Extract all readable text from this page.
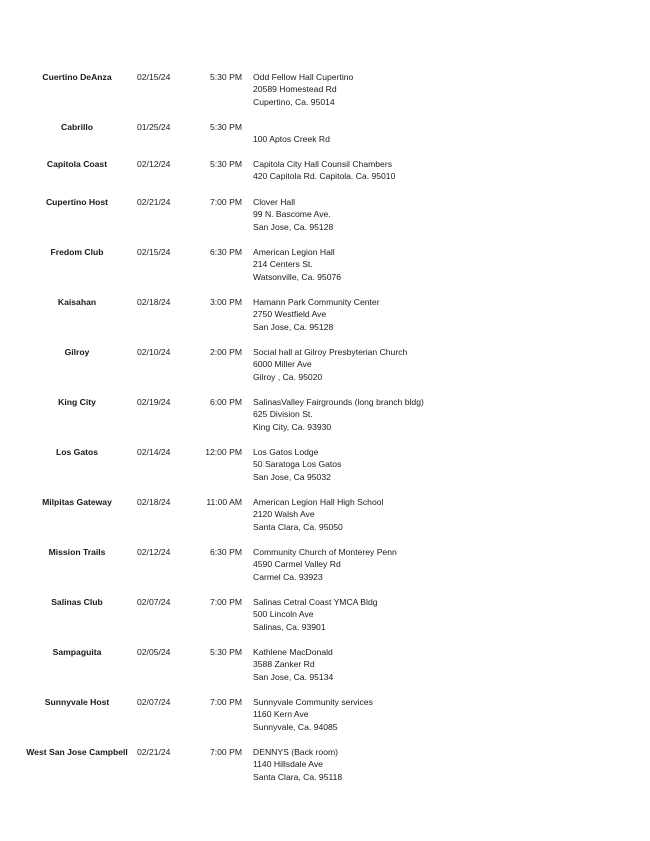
Cuertino DeAnza	02/15/24	5:30 PM Odd Fellow Hall Cupertino
20589 Homestead Rd
Cupertino, Ca. 95014
Cabrillo	01/25/24	5:30 PM
100 Aptos Creek Rd
Capitola Coast	02/12/24	5:30 PM Capitola City Hall Counsil Chambers
420 Capitola Rd. Capitola. Ca. 95010
Cupertino Host	02/21/24	7:00 PM Clover Hall
99 N. Bascome Ave.
San Jose, Ca. 95128
Fredom Club	02/15/24	6:30 PM American Legion Hall
214 Centers St.
Watsonville, Ca. 95076
Kaisahan	02/18/24	3:00 PM Hamann Park Community Center
2750 Westfield Ave
San Jose, Ca. 95128
Gilroy	02/10/24	2:00 PM Social hall at Gilroy Presbyterian Church
6000 Miller Ave
Gilroy , Ca. 95020
King City	02/19/24	6:00 PM SalinasValley Fairgrounds (long branch bldg)
625 Division St.
King City, Ca. 93930
Los Gatos	02/14/24	12:00 PM Los Gatos Lodge
50 Saratoga Los Gatos
San Jose, Ca 95032
Milpitas Gateway	02/18/24	11:00 AM American Legion Hall High School
2120 Walsh Ave
Santa Clara, Ca. 95050
Mission Trails	02/12/24	6:30 PM Community Church of Monterey Penn
4590 Carmel Valley Rd
Carmel Ca. 93923
Salinas Club	02/07/24	7:00 PM Salinas Cetral Coast YMCA Bldg
500 Lincoln Ave
Salinas, Ca. 93901
Sampaguita	02/05/24	5:30 PM Kathlene MacDonald
3588 Zanker Rd
San Jose, Ca. 95134
Sunnyvale Host	02/07/24	7:00 PM Sunnyvale Community services
1160 Kern Ave
Sunnyvale, Ca. 94085
West San Jose Campbell	02/21/24	7:00 PM DENNYS (Back room)
1140 Hillsdale Ave
Santa Clara, Ca. 95118
